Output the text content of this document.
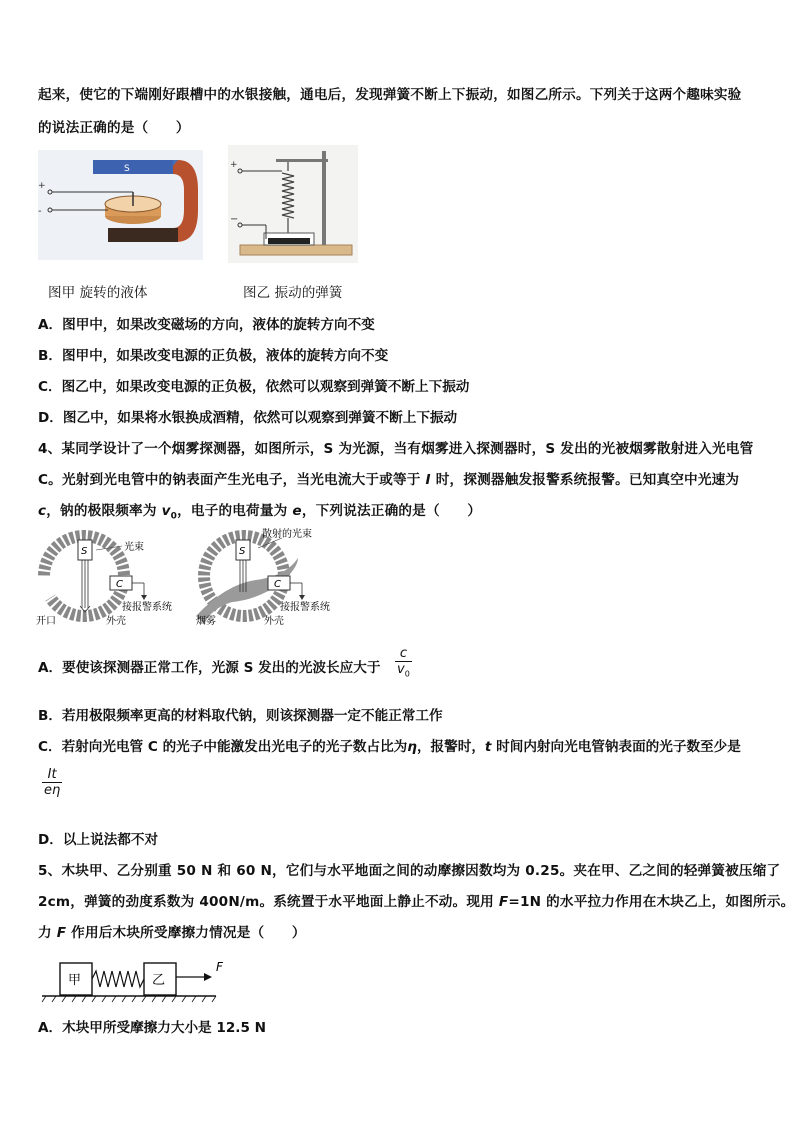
起来，使它的下端刚好跟槽中的水银接触，通电后，发现弹簧不断上下振动，如图乙所示。下列关于这两个趣味实验
的说法正确的是（　　）
S
+
-
+
−
图甲 旋转的液体	图乙 振动的弹簧
A．图甲中，如果改变磁场的方向，液体的旋转方向不变
B．图甲中，如果改变电源的正负极，液体的旋转方向不变
C．图乙中，如果改变电源的正负极，依然可以观察到弹簧不断上下振动
D．图乙中，如果将水银换成酒精，依然可以观察到弹簧不断上下振动
4、某同学设计了一个烟雾探测器，如图所示，S 为光源，当有烟雾进入探测器时，S 发出的光被烟雾散射进入光电管
C。光射到光电管中的钠表面产生光电子，当光电流大于或等于 I 时，探测器触发报警系统报警。已知真空中光速为
c，钠的极限频率为 $v_0$，电子的电荷量为 e，下列说法正确的是（　　）
S
C
光束
接报警系统
开口	外壳
S
C
散射的光束
接报警系统
烟雾	外壳
A．要使该探测器正常工作，光源 S 发出的光波长应大于 $\frac{c}{v_0}$
B．若用极限频率更高的材料取代钠，则该探测器一定不能正常工作
C．若射向光电管 C 的光子中能激发出光电子的光子数占比为η，报警时，t 时间内射向光电管钠表面的光子数至少是
$\frac{It}{e\eta}$
D．以上说法都不对
5、木块甲、乙分别重 50 N 和 60 N，它们与水平地面之间的动摩擦因数均为 0.25。夹在甲、乙之间的轻弹簧被压缩了
2cm，弹簧的劲度系数为 400N/m。系统置于水平地面上静止不动。现用 F=1N 的水平拉力作用在木块乙上，如图所示。
力 F 作用后木块所受摩擦力情况是（　　）
甲	乙
F
A．木块甲所受摩擦力大小是 12.5 N
